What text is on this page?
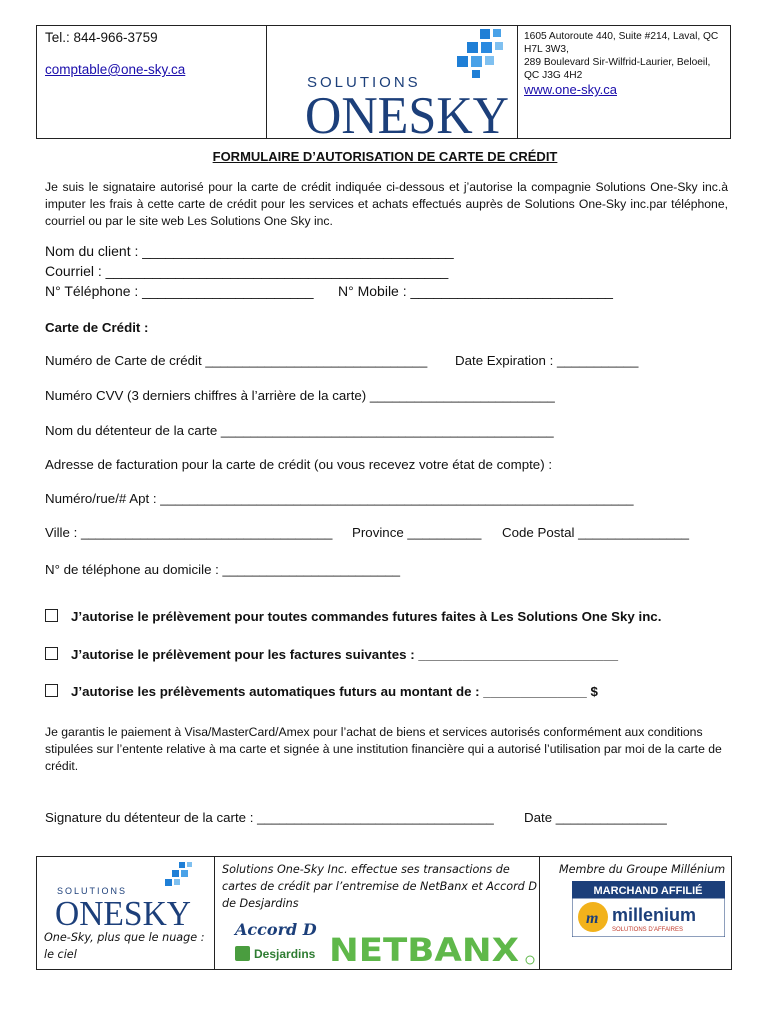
Tel.: 844-966-3759
comptable@one-sky.ca
SOLUTIONS
ONESKY
1605 Autoroute 440, Suite #214, Laval, QC
H7L 3W3,
289 Boulevard Sir-Wilfrid-Laurier, Beloeil,
QC J3G 4H2
www.one-sky.ca
FORMULAIRE D’AUTORISATION DE CARTE DE CRÉDIT
Je suis le signataire autorisé pour la carte de crédit indiquée ci-dessous et j’autorise la compagnie Solutions One-Sky inc.à imputer les frais à cette carte de crédit pour les services et achats effectués auprès de Solutions One-Sky inc.par téléphone, courriel ou par le site web Les Solutions One Sky inc.
Nom du client : ________________________________________
Courriel : ____________________________________________
N° Téléphone : ______________________ N° Mobile : __________________________
Carte de Crédit :
Numéro de Carte de crédit ______________________________ Date Expiration : ___________
Numéro CVV (3 derniers chiffres à l’arrière de la carte) _________________________
Nom du détenteur de la carte _____________________________________________
Adresse de facturation pour la carte de crédit (ou vous recevez votre état de compte) :
Numéro/rue/# Apt : ________________________________________________________________
Ville : __________________________________ Province __________ Code Postal _______________
N° de téléphone au domicile : ________________________
J’autorise le prélèvement pour toutes commandes futures faites à Les Solutions One Sky inc.
J’autorise le prélèvement pour les factures suivantes : ___________________________
J’autorise les prélèvements automatiques futurs au montant de : ______________ $
Je garantis le paiement à Visa/MasterCard/Amex pour l’achat de biens et services autorisés conformément aux conditions stipulées sur l’entente relative à ma carte et signée à une institution financière qui a autorisé l’utilisation par moi de la carte de crédit.
Signature du détenteur de la carte : ________________________________ Date _______________
SOLUTIONS
ONESKY
One-Sky, plus que le nuage :
le ciel
Solutions One-Sky Inc. effectue ses transactions de
cartes de crédit par l’entremise de NetBanx et Accord D
de Desjardins
Accord D
Desjardins NETBANX
Membre du Groupe Millénium
MARCHAND AFFILIÉ
m millenium
SOLUTIONS D’AFFAIRES
